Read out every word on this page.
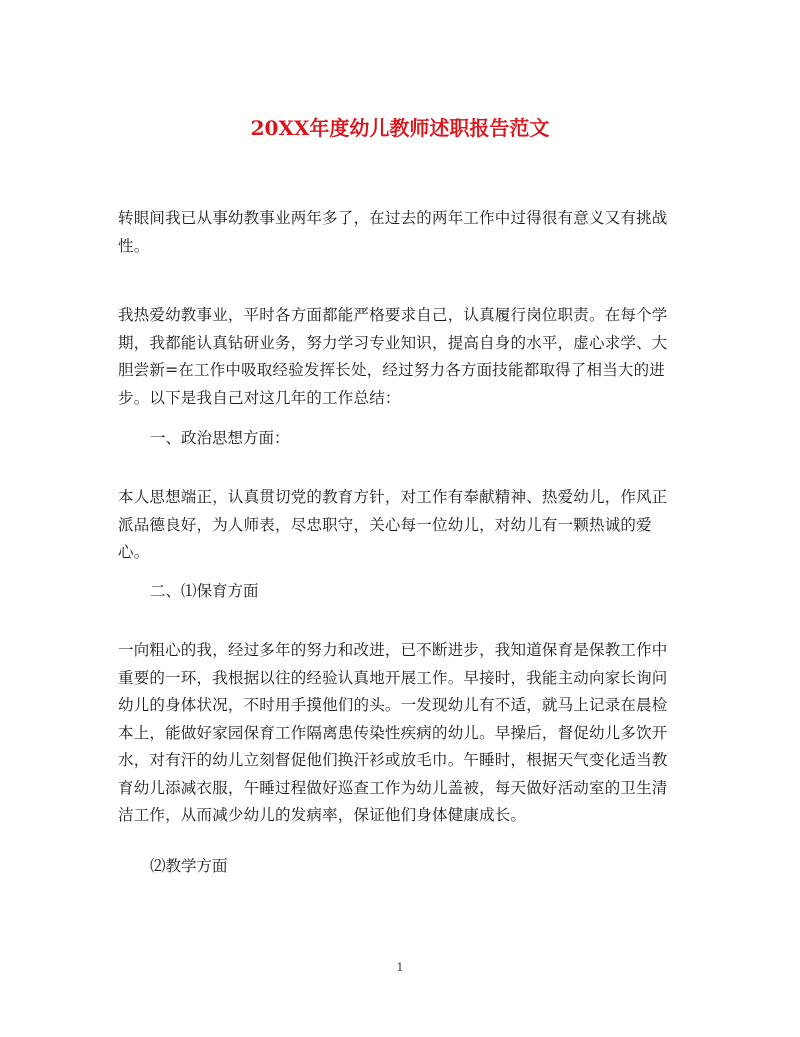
20XX年度幼儿教师述职报告范文

转眼间我已从事幼教事业两年多了，在过去的两年工作中过得很有意义又有挑战性。

我热爱幼教事业，平时各方面都能严格要求自己，认真履行岗位职责。在每个学期，我都能认真钻研业务，努力学习专业知识，提高自身的水平，虚心求学、大胆尝新=在工作中吸取经验发挥长处，经过努力各方面技能都取得了相当大的进步。以下是我自己对这几年的工作总结：

一、政治思想方面：

本人思想端正，认真贯切党的教育方针，对工作有奉献精神、热爱幼儿，作风正派品德良好，为人师表，尽忠职守，关心每一位幼儿，对幼儿有一颗热诚的爱心。

二、⑴保育方面

一向粗心的我，经过多年的努力和改进，已不断进步，我知道保育是保教工作中重要的一环，我根据以往的经验认真地开展工作。早接时，我能主动向家长询问幼儿的身体状况，不时用手摸他们的头。一发现幼儿有不适，就马上记录在晨检本上，能做好家园保育工作隔离患传染性疾病的幼儿。早操后，督促幼儿多饮开水，对有汗的幼儿立刻督促他们换汗衫或放毛巾。午睡时，根据天气变化适当教育幼儿添减衣服，午睡过程做好巡查工作为幼儿盖被，每天做好活动室的卫生清洁工作，从而减少幼儿的发病率，保证他们身体健康成长。

⑵教学方面

1
